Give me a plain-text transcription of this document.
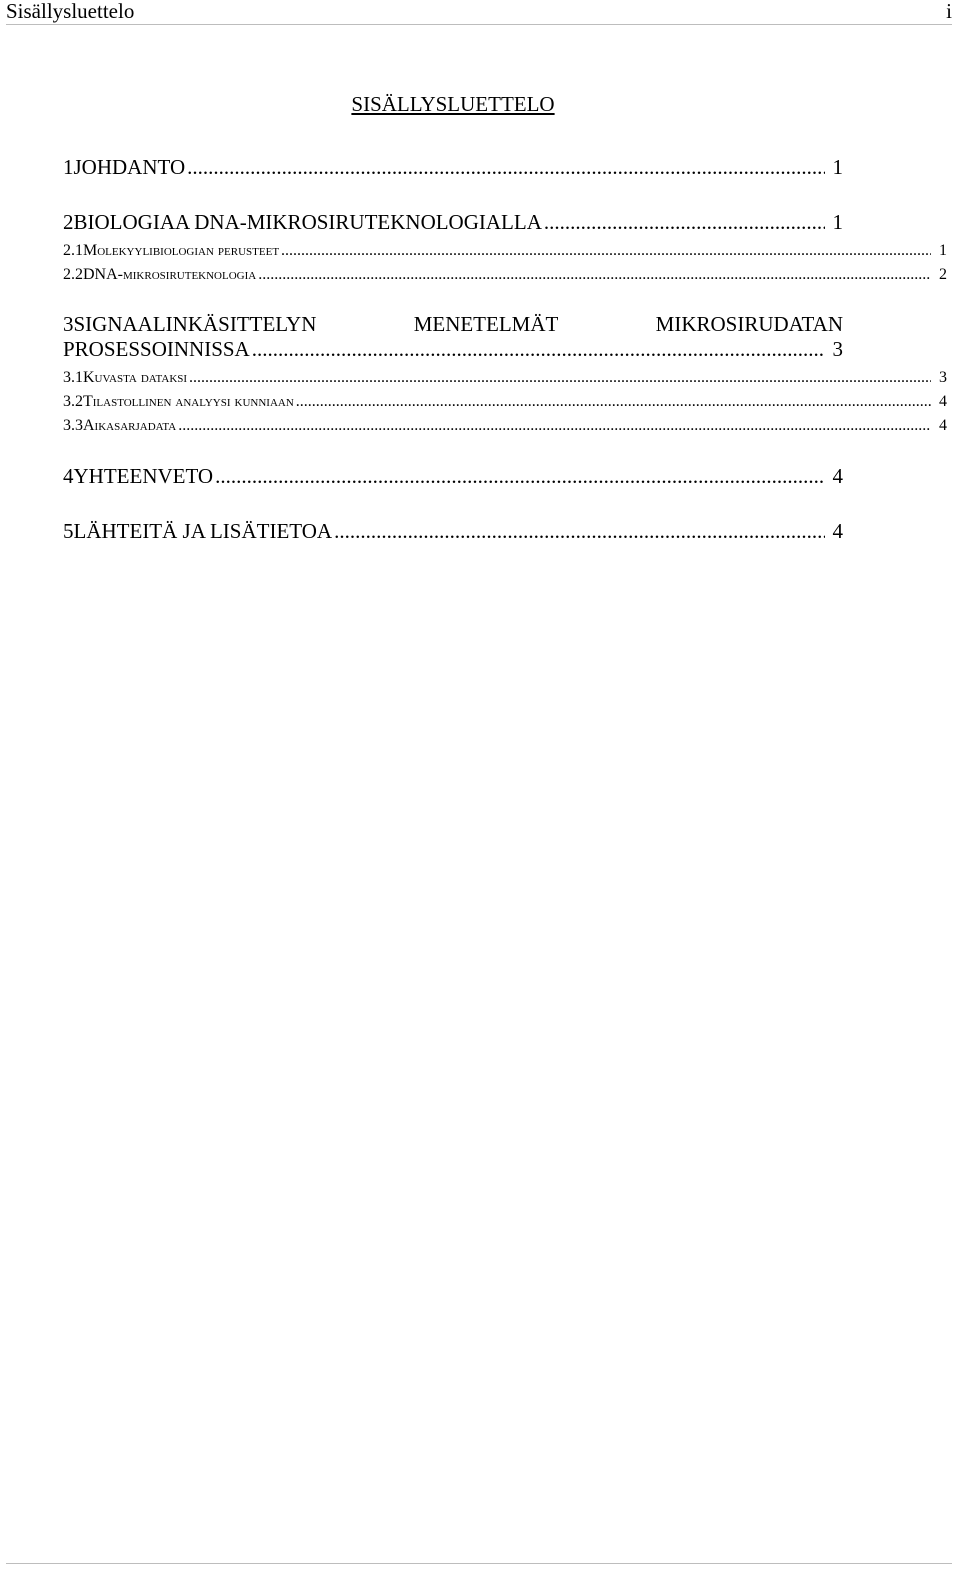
Sisällysluettelo	i
SISÄLLYSLUETTELO
1 JOHDANTO .....	1
2 BIOLOGIAA DNA-MIKROSIRUTEKNOLOGIALLA .....	1
2.1 Molekyylibiologian perusteet .....	1
2.2 DNA-mikrosiruteknologia .....	2
3SIGNAALINKÄSITTELYN	MENETELMÄT	MIKROSIRUDATAN
PROSESSOINNISSA .....	3
3.1 Kuvasta dataksi .....	3
3.2 Tilastollinen analyysi kunniaan .....	4
3.3 Aikasarjadata .....	4
4 YHTEENVETO .....	4
5 LÄHTEITÄ JA LISÄTIETOA .....	4
